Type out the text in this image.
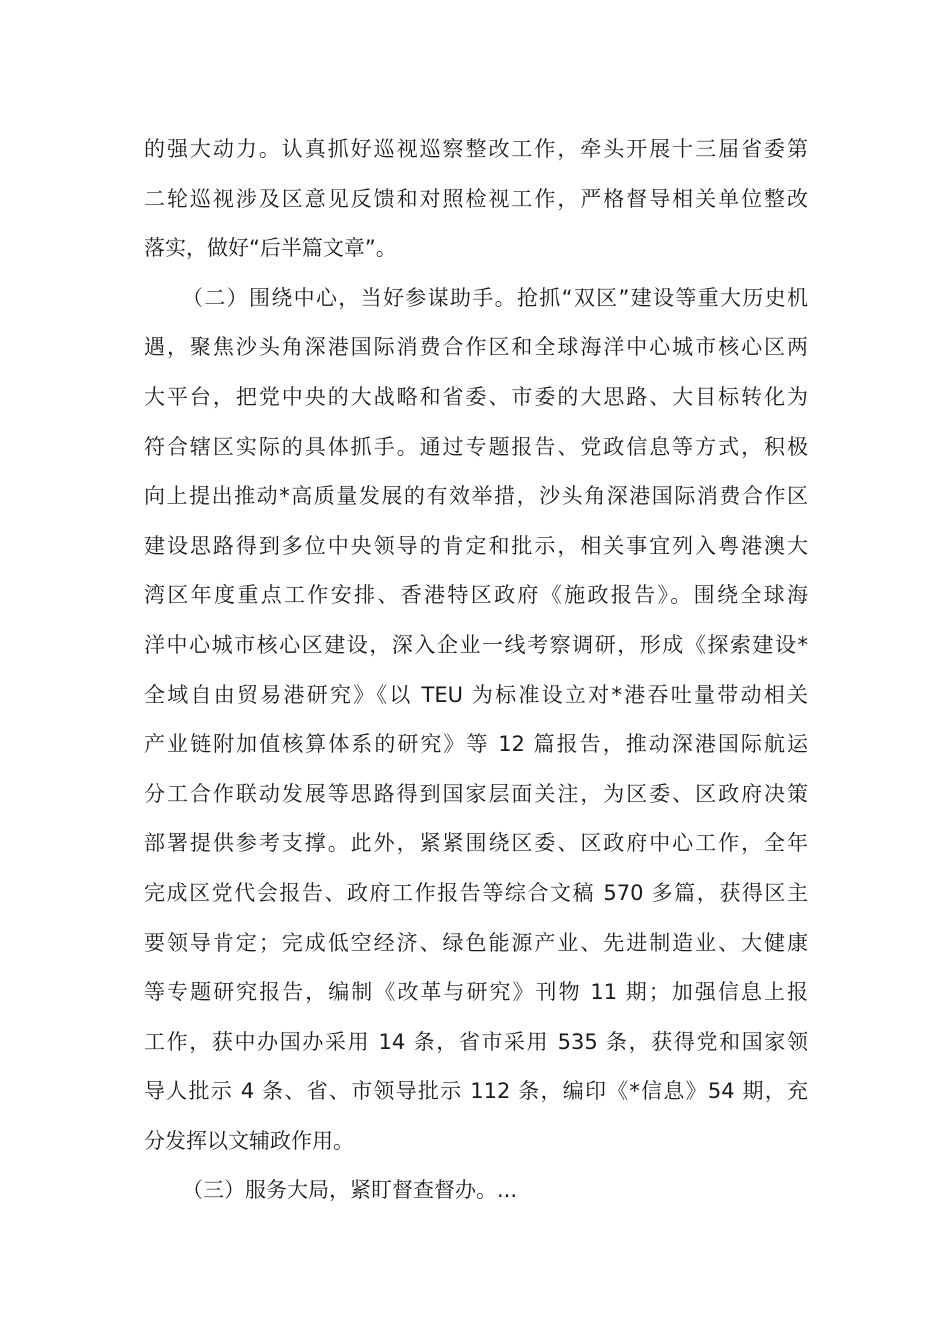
的强大动力。认真抓好巡视巡察整改工作，牵头开展十三届省委第
二轮巡视涉及区意见反馈和对照检视工作，严格督导相关单位整改
落实，做好“后半篇文章”。
（二）围绕中心，当好参谋助手。抢抓“双区”建设等重大历史机
遇，聚焦沙头角深港国际消费合作区和全球海洋中心城市核心区两
大平台，把党中央的大战略和省委、市委的大思路、大目标转化为
符合辖区实际的具体抓手。通过专题报告、党政信息等方式，积极
向上提出推动*高质量发展的有效举措，沙头角深港国际消费合作区
建设思路得到多位中央领导的肯定和批示，相关事宜列入粤港澳大
湾区年度重点工作安排、香港特区政府《施政报告》。围绕全球海
洋中心城市核心区建设，深入企业一线考察调研，形成《探索建设*
全域自由贸易港研究》《以 TEU 为标准设立对*港吞吐量带动相关
产业链附加值核算体系的研究》等 12 篇报告，推动深港国际航运
分工合作联动发展等思路得到国家层面关注，为区委、区政府决策
部署提供参考支撑。此外，紧紧围绕区委、区政府中心工作，全年
完成区党代会报告、政府工作报告等综合文稿 570 多篇，获得区主
要领导肯定；完成低空经济、绿色能源产业、先进制造业、大健康
等专题研究报告，编制《改革与研究》刊物 11 期；加强信息上报
工作，获中办国办采用 14 条，省市采用 535 条，获得党和国家领
导人批示 4 条、省、市领导批示 112 条，编印《*信息》54 期，充
分发挥以文辅政作用。
（三）服务大局，紧盯督查督办。...
